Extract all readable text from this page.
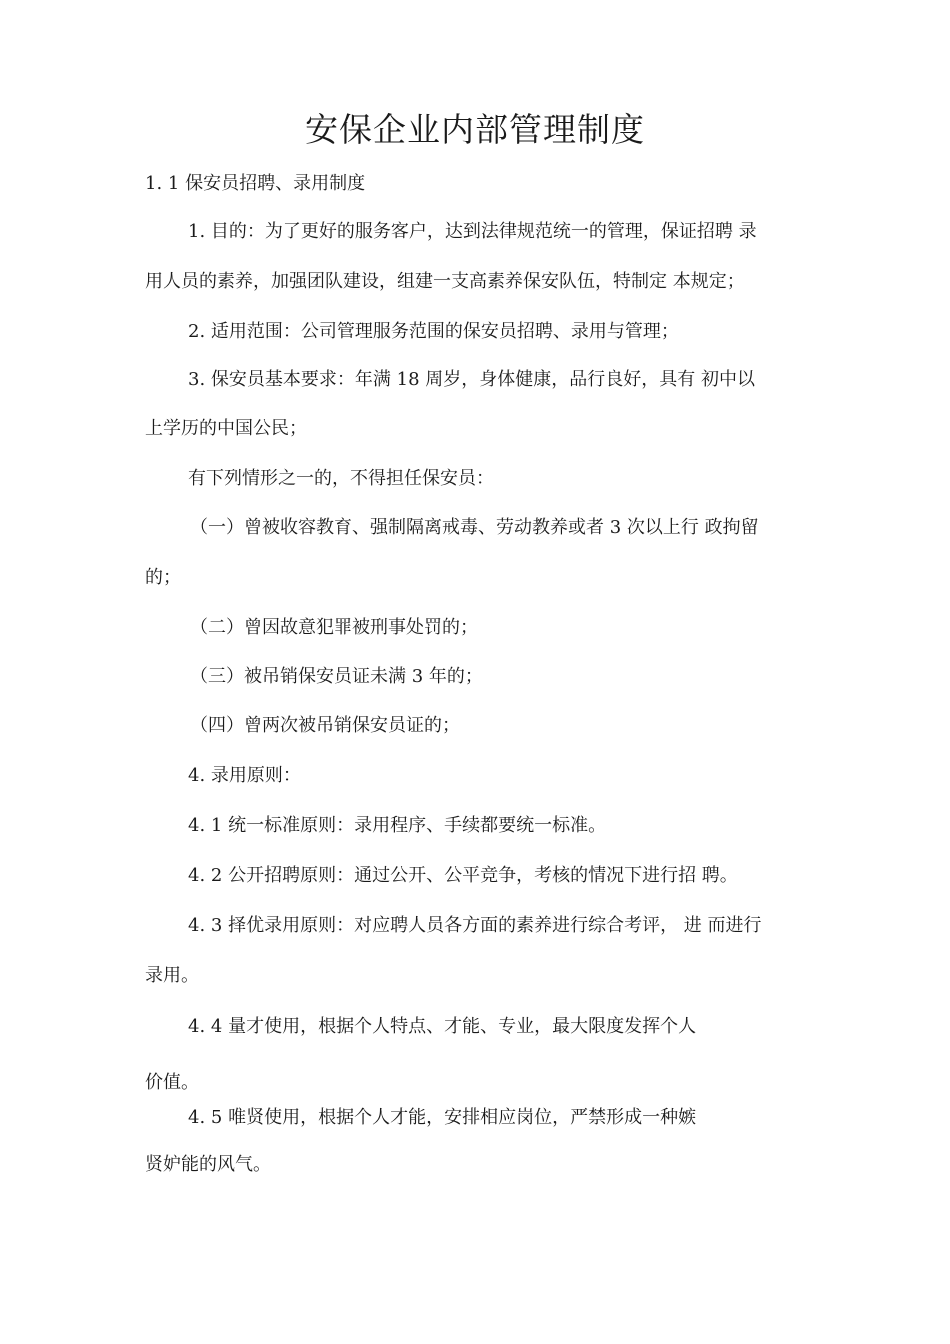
安保企业内部管理制度

1. 1 保安员招聘、录用制度

1. 目的：为了更好的服务客户，达到法律规范统一的管理，保证招聘 录

用人员的素养，加强团队建设，组建一支高素养保安队伍，特制定 本规定；

2. 适用范围：公司管理服务范围的保安员招聘、录用与管理；

3. 保安员基本要求：年满 18 周岁，身体健康，品行良好，具有 初中以

上学历的中国公民；

有下列情形之一的，不得担任保安员：

（一）曾被收容教育、强制隔离戒毒、劳动教养或者 3 次以上行 政拘留

的；

（二）曾因故意犯罪被刑事处罚的；

（三）被吊销保安员证未满 3 年的；

（四）曾两次被吊销保安员证的；

4. 录用原则：

4. 1 统一标准原则：录用程序、手续都要统一标准。

4. 2 公开招聘原则：通过公开、公平竞争，考核的情况下进行招 聘。

4. 3 择优录用原则：对应聘人员各方面的素养进行综合考评， 进 而进行

录用。

4. 4 量才使用，根据个人特点、才能、专业，最大限度发挥个人

价值。

4. 5 唯贤使用，根据个人才能，安排相应岗位，严禁形成一种嫉

贤妒能的风气。
